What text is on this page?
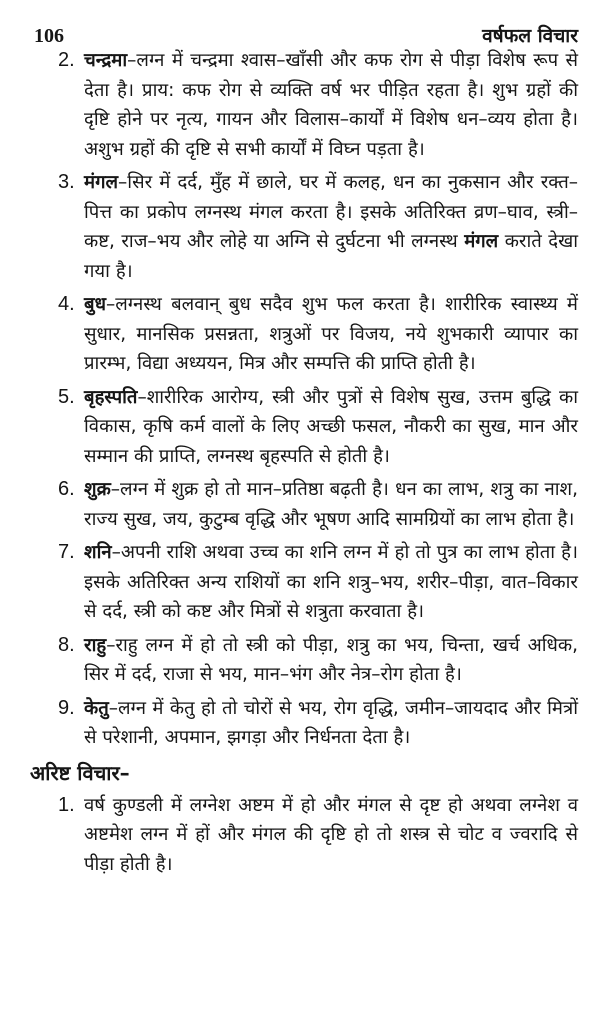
106	वर्षफल विचार
2. चन्द्रमा–लग्न में चन्द्रमा श्वास–खाँसी और कफ रोग से पीड़ा विशेष रूप से देता है। प्राय: कफ रोग से व्यक्ति वर्ष भर पीड़ित रहता है। शुभ ग्रहों की दृष्टि होने पर नृत्य, गायन और विलास–कार्यों में विशेष धन–व्यय होता है। अशुभ ग्रहों की दृष्टि से सभी कार्यों में विघ्न पड़ता है।
3. मंगल–सिर में दर्द, मुँह में छाले, घर में कलह, धन का नुकसान और रक्त–पित्त का प्रकोप लग्नस्थ मंगल करता है। इसके अतिरिक्त व्रण–घाव, स्त्री–कष्ट, राज–भय और लोहे या अग्नि से दुर्घटना भी लग्नस्थ मंगल कराते देखा गया है।
4. बुध–लग्नस्थ बलवान् बुध सदैव शुभ फल करता है। शारीरिक स्वास्थ्य में सुधार, मानसिक प्रसन्नता, शत्रुओं पर विजय, नये शुभकारी व्यापार का प्रारम्भ, विद्या अध्ययन, मित्र और सम्पत्ति की प्राप्ति होती है।
5. बृहस्पति–शारीरिक आरोग्य, स्त्री और पुत्रों से विशेष सुख, उत्तम बुद्धि का विकास, कृषि कर्म वालों के लिए अच्छी फसल, नौकरी का सुख, मान और सम्मान की प्राप्ति, लग्नस्थ बृहस्पति से होती है।
6. शुक्र–लग्न में शुक्र हो तो मान–प्रतिष्ठा बढ़ती है। धन का लाभ, शत्रु का नाश, राज्य सुख, जय, कुटुम्ब वृद्धि और भूषण आदि सामग्रियों का लाभ होता है।
7. शनि–अपनी राशि अथवा उच्च का शनि लग्न में हो तो पुत्र का लाभ होता है। इसके अतिरिक्त अन्य राशियों का शनि शत्रु–भय, शरीर–पीड़ा, वात–विकार से दर्द, स्त्री को कष्ट और मित्रों से शत्रुता करवाता है।
8. राहु–राहु लग्न में हो तो स्त्री को पीड़ा, शत्रु का भय, चिन्ता, खर्च अधिक, सिर में दर्द, राजा से भय, मान–भंग और नेत्र–रोग होता है।
9. केतु–लग्न में केतु हो तो चोरों से भय, रोग वृद्धि, जमीन–जायदाद और मित्रों से परेशानी, अपमान, झगड़ा और निर्धनता देता है।
अरिष्ट विचार–
1. वर्ष कुण्डली में लग्नेश अष्टम में हो और मंगल से दृष्ट हो अथवा लग्नेश व अष्टमेश लग्न में हों और मंगल की दृष्टि हो तो शस्त्र से चोट व ज्वरादि से पीड़ा होती है।
